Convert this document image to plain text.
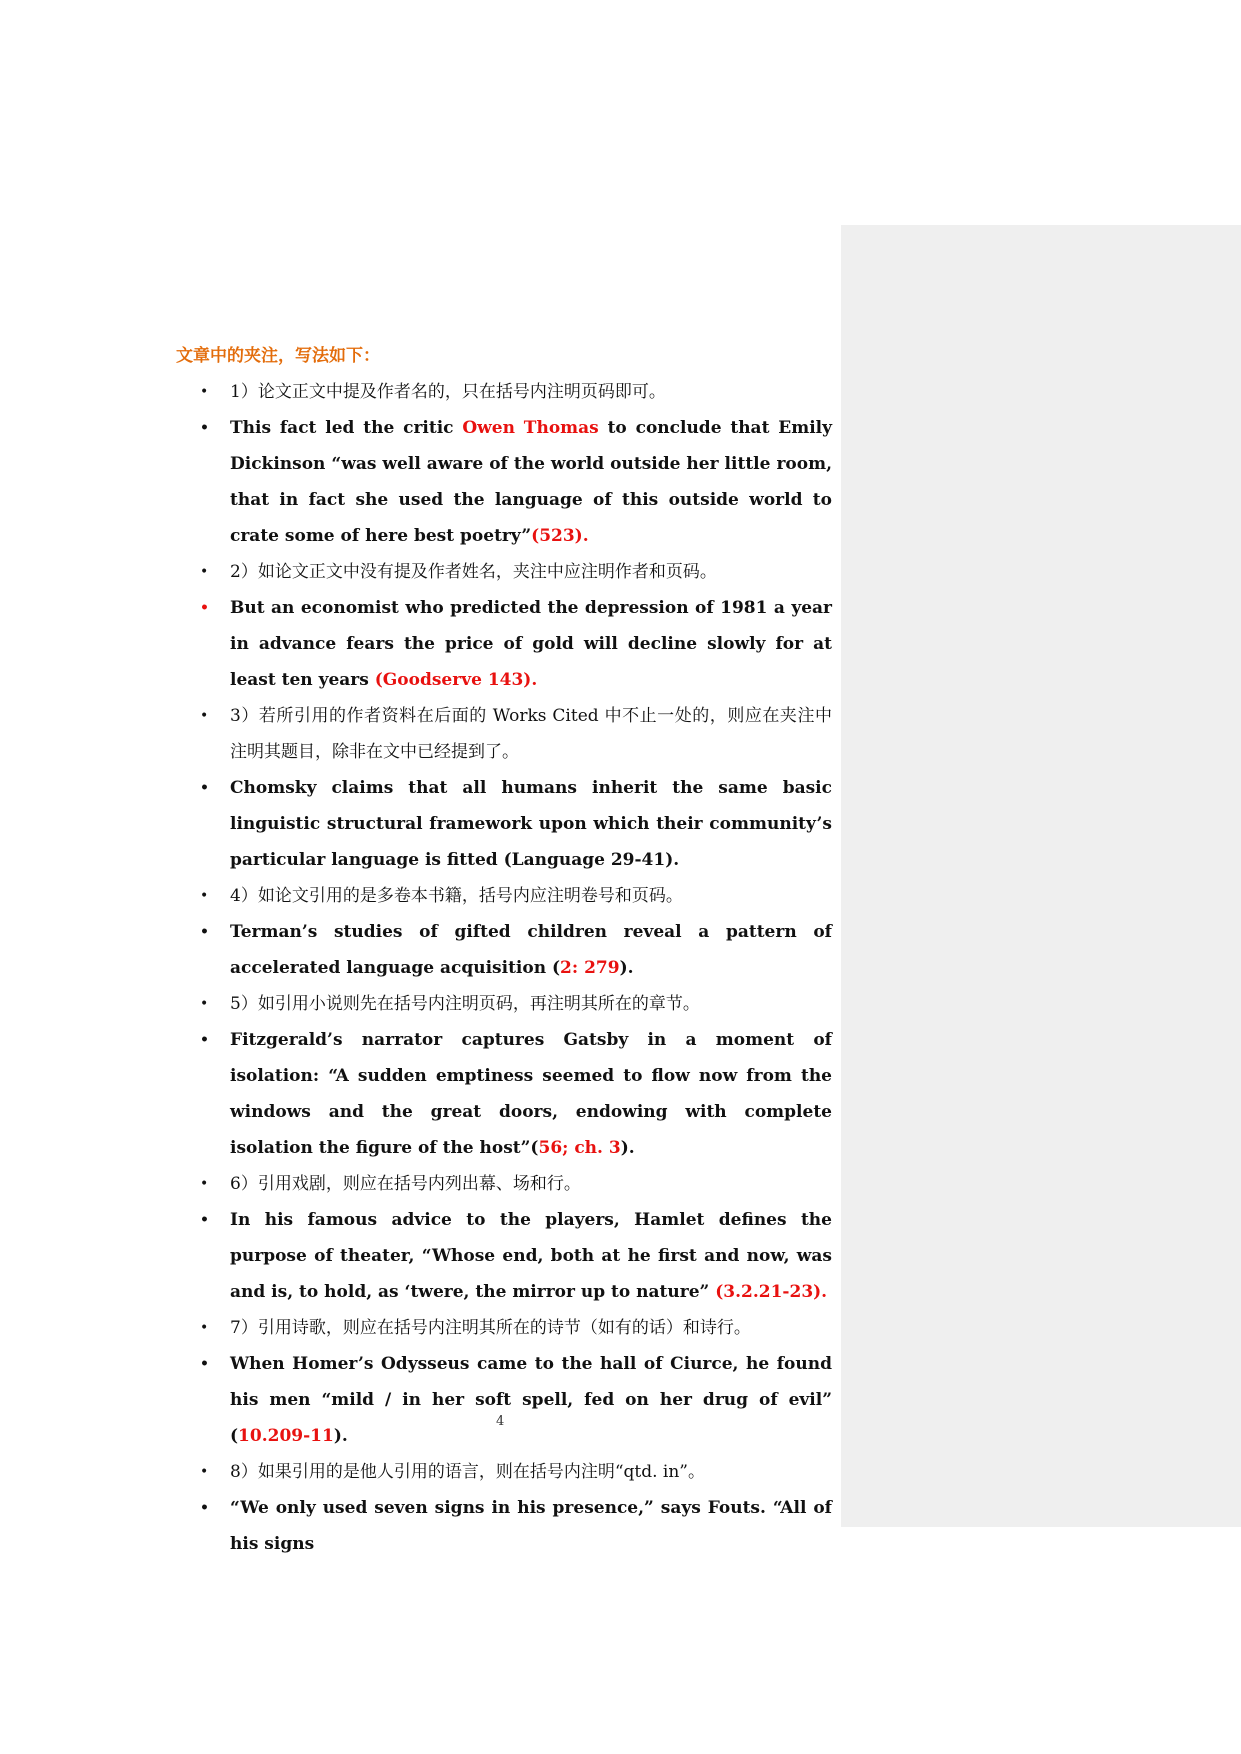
文章中的夹注，写法如下：
• 1）论文正文中提及作者名的，只在括号内注明页码即可。
• This fact led the critic Owen Thomas to conclude that Emily Dickinson “was well aware of the world outside her little room, that in fact she used the language of this outside world to crate some of here best poetry”(523).
• 2）如论文正文中没有提及作者姓名，夹注中应注明作者和页码。
• But an economist who predicted the depression of 1981 a year in advance fears the price of gold will decline slowly for at least ten years (Goodserve 143).
• 3）若所引用的作者资料在后面的 Works Cited 中不止一处的，则应在夹注中注明其题目，除非在文中已经提到了。
• Chomsky claims that all humans inherit the same basic linguistic structural framework upon which their community’s particular language is fitted (Language 29-41).
• 4）如论文引用的是多卷本书籍，括号内应注明卷号和页码。
• Terman’s studies of gifted children reveal a pattern of accelerated language acquisition (2: 279).
• 5）如引用小说则先在括号内注明页码，再注明其所在的章节。
• Fitzgerald’s narrator captures Gatsby in a moment of isolation: “A sudden emptiness seemed to flow now from the windows and the great doors, endowing with complete isolation the figure of the host”(56; ch. 3).
• 6）引用戏剧，则应在括号内列出幕、场和行。
• In his famous advice to the players, Hamlet defines the purpose of theater, “Whose end, both at he first and now, was and is, to hold, as ‘twere, the mirror up to nature” (3.2.21-23).
• 7）引用诗歌，则应在括号内注明其所在的诗节（如有的话）和诗行。
• When Homer’s Odysseus came to the hall of Ciurce, he found his men “mild / in her soft spell, fed on her drug of evil” (10.209-11).
• 8）如果引用的是他人引用的语言，则在括号内注明“qtd. in”。
• “We only used seven signs in his presence,” says Fouts. “All of his signs
4
